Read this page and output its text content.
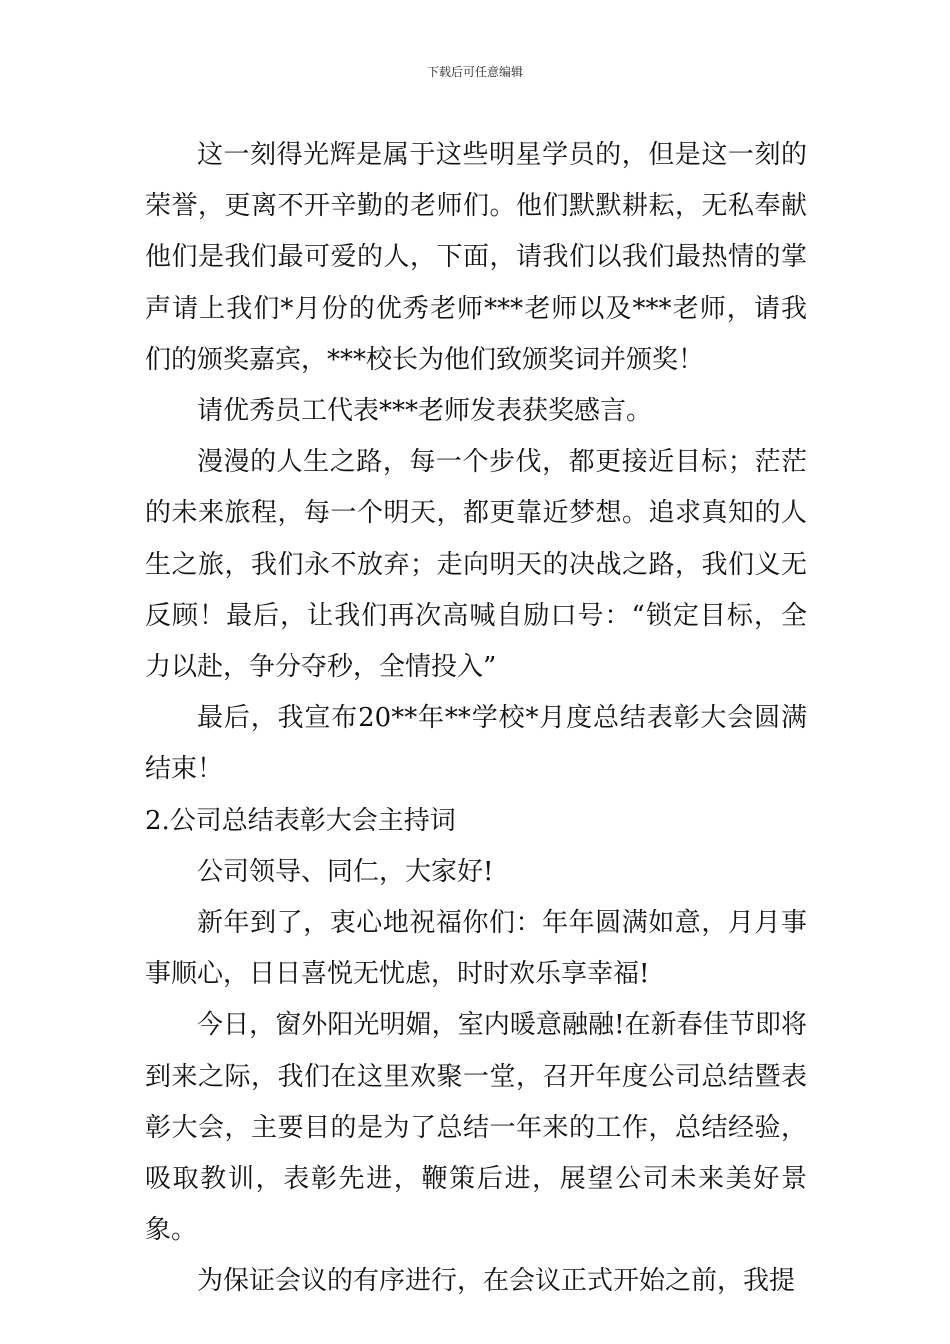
下载后可任意编辑

这一刻得光辉是属于这些明星学员的，但是这一刻的荣誉，更离不开辛勤的老师们。他们默默耕耘，无私奉献他们是我们最可爱的人，下面，请我们以我们最热情的掌声请上我们*月份的优秀老师***老师以及***老师，请我们的颁奖嘉宾，***校长为他们致颁奖词并颁奖！

请优秀员工代表***老师发表获奖感言。

漫漫的人生之路，每一个步伐，都更接近目标；茫茫的未来旅程，每一个明天，都更靠近梦想。追求真知的人生之旅，我们永不放弃；走向明天的决战之路，我们义无反顾！最后，让我们再次高喊自励口号：“锁定目标，全力以赴，争分夺秒，全情投入”

最后，我宣布20**年**学校*月度总结表彰大会圆满结束！

2.公司总结表彰大会主持词

公司领导、同仁，大家好!

新年到了，衷心地祝福你们：年年圆满如意，月月事事顺心，日日喜悦无忧虑，时时欢乐享幸福!

今日，窗外阳光明媚，室内暖意融融!在新春佳节即将到来之际，我们在这里欢聚一堂，召开年度公司总结暨表彰大会，主要目的是为了总结一年来的工作，总结经验，吸取教训，表彰先进，鞭策后进，展望公司未来美好景象。

为保证会议的有序进行，在会议正式开始之前，我提
